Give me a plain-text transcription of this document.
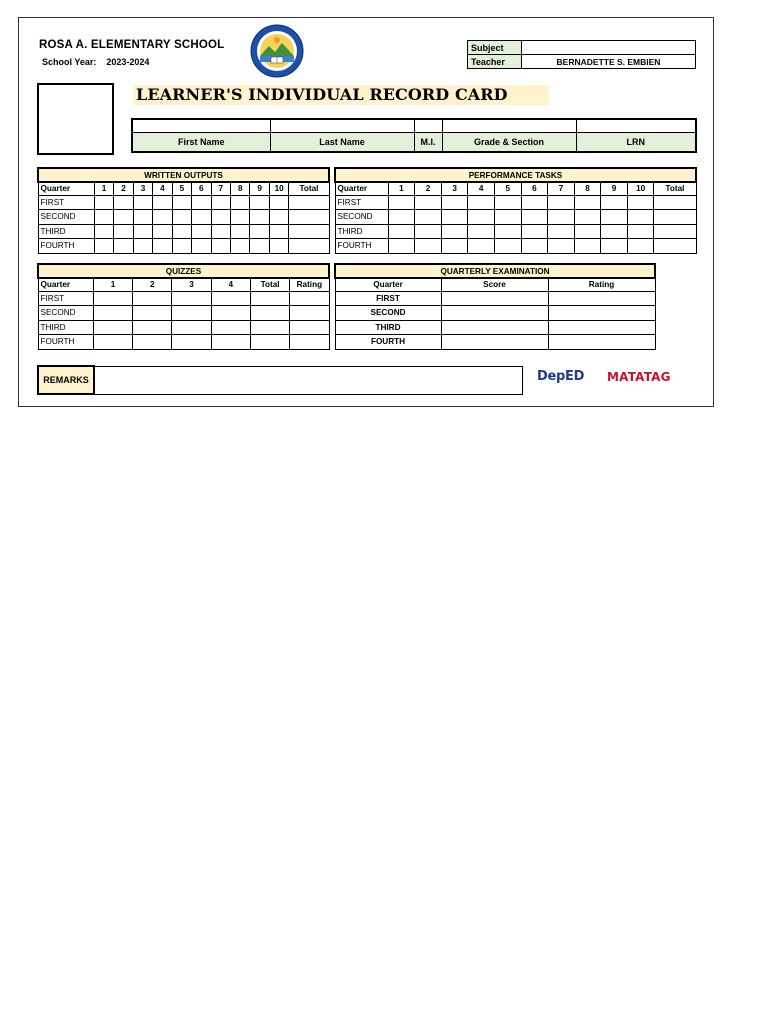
ROSA A. ELEMENTARY SCHOOL
School Year: 2023-2024
Subject	
Teacher	BERNADETTE S. EMBIEN
LEARNER'S INDIVIDUAL RECORD CARD

First Name	Last Name	M.I.	Grade & Section	LRN
WRITTEN OUTPUTS											
Quarter	1	2	3	4	5	6	7	8	9	10	Total
FIRST											
SECOND											
THIRD											
FOURTH											
PERFORMANCE TASKS											
Quarter	1	2	3	4	5	6	7	8	9	10	Total
FIRST											
SECOND											
THIRD											
FOURTH											
QUIZZES						
Quarter	1	2	3	4	Total	Rating
FIRST						
SECOND						
THIRD						
FOURTH						
QUARTERLY EXAMINATION		
Quarter	Score	Rating
FIRST		
SECOND		
THIRD		
FOURTH		
REMARKS		DepED MATATAG
